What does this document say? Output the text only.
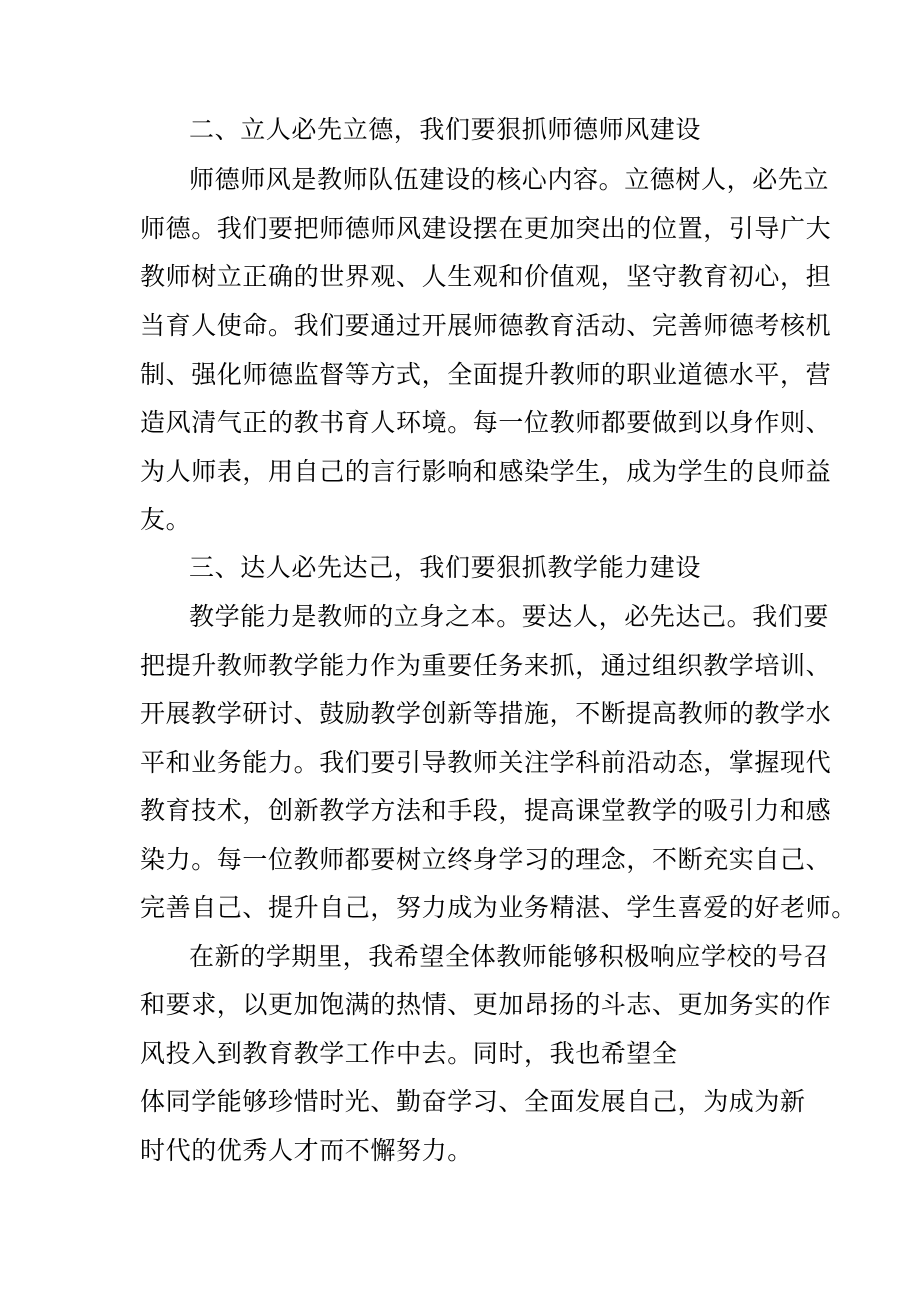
二、立人必先立德，我们要狠抓师德师风建设
师德师风是教师队伍建设的核心内容。立德树人，必先立
师德。我们要把师德师风建设摆在更加突出的位置，引导广大
教师树立正确的世界观、人生观和价值观，坚守教育初心，担
当育人使命。我们要通过开展师德教育活动、完善师德考核机
制、强化师德监督等方式，全面提升教师的职业道德水平，营
造风清气正的教书育人环境。每一位教师都要做到以身作则、
为人师表，用自己的言行影响和感染学生，成为学生的良师益
友。
三、达人必先达己，我们要狠抓教学能力建设
教学能力是教师的立身之本。要达人，必先达己。我们要
把提升教师教学能力作为重要任务来抓，通过组织教学培训、
开展教学研讨、鼓励教学创新等措施，不断提高教师的教学水
平和业务能力。我们要引导教师关注学科前沿动态，掌握现代
教育技术，创新教学方法和手段，提高课堂教学的吸引力和感
染力。每一位教师都要树立终身学习的理念，不断充实自己、
完善自己、提升自己，努力成为业务精湛、学生喜爱的好老师。
在新的学期里，我希望全体教师能够积极响应学校的号召
和要求，以更加饱满的热情、更加昂扬的斗志、更加务实的作
风投入到教育教学工作中去。同时，我也希望全
体同学能够珍惜时光、勤奋学习、全面发展自己，为成为新
时代的优秀人才而不懈努力。
